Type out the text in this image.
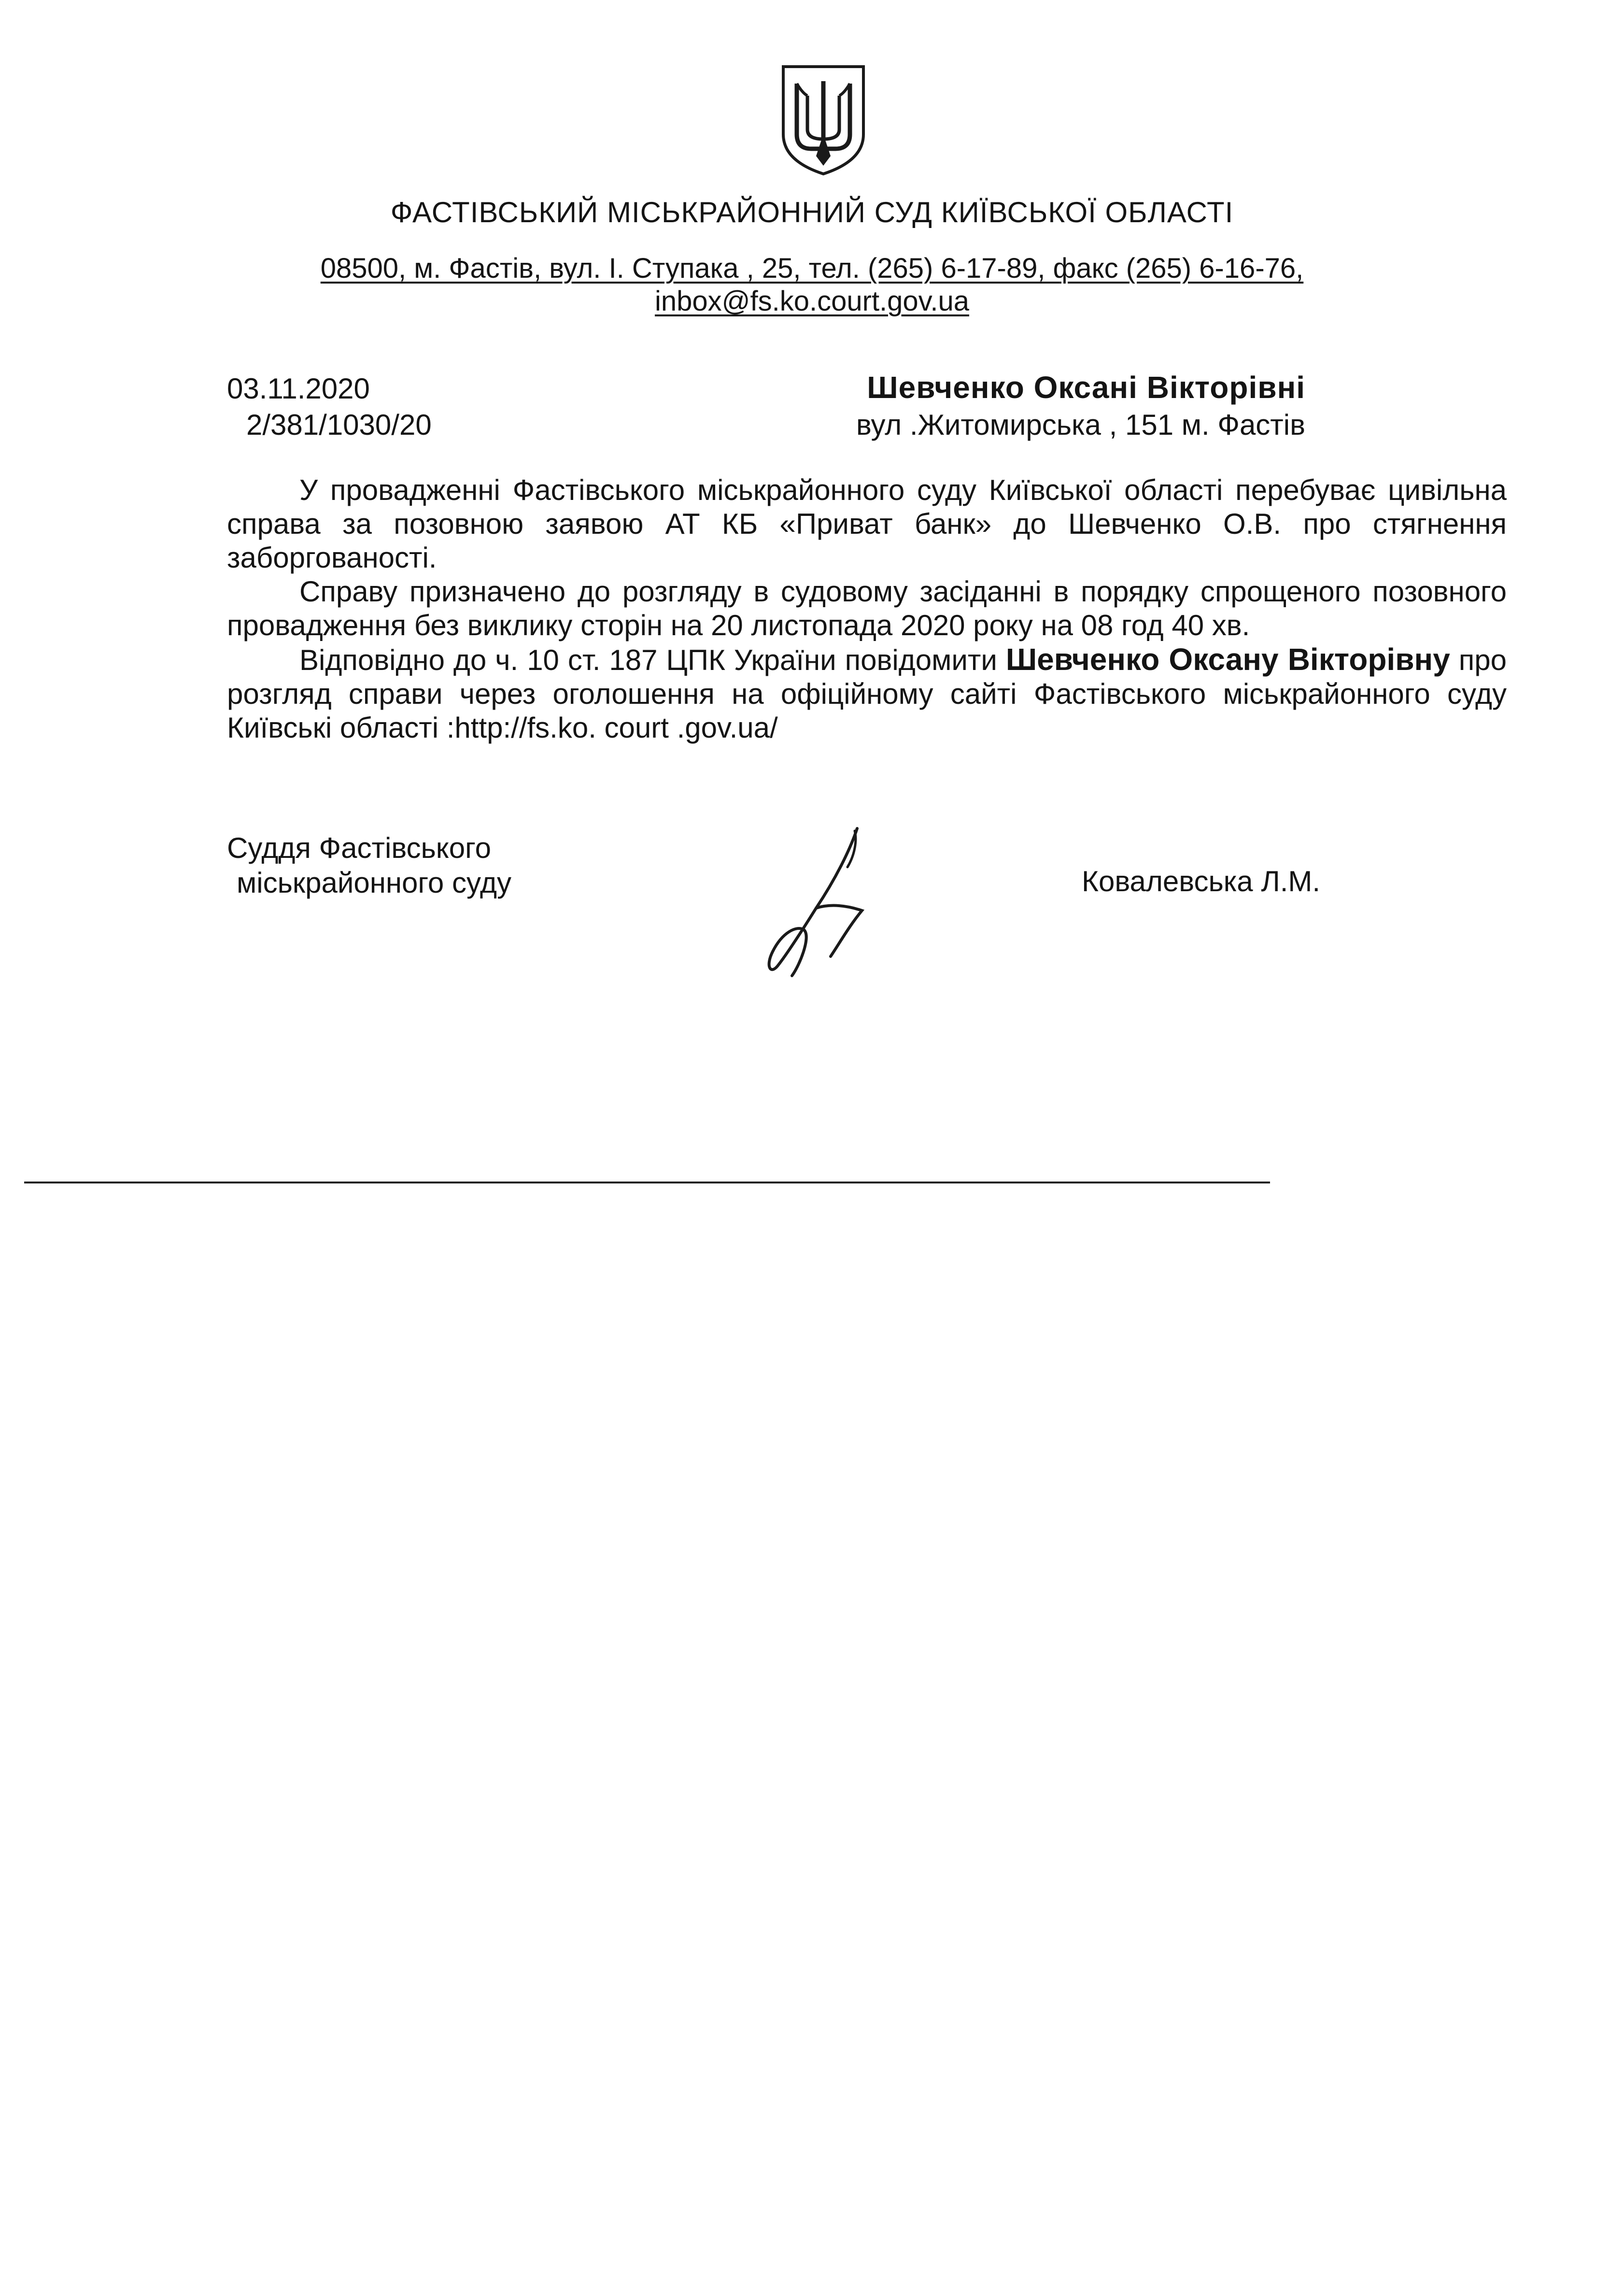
ФАСТІВСЬКИЙ МІСЬКРАЙОННИЙ СУД КИЇВСЬКОЇ ОБЛАСТІ
08500, м. Фастів, вул. І. Ступака , 25, тел. (265) 6-17-89, факс (265) 6-16-76,
inbox@fs.ko.court.gov.ua
03.11.2020
2/381/1030/20
Шевченко Оксані Вікторівні
вул .Житомирська , 151 м. Фастів

У провадженні Фастівського міськрайонного суду Київської області перебуває цивільна справа за позовною заявою АТ КБ «Приват банк» до Шевченко О.В. про стягнення заборгованості.

Справу призначено до розгляду в судовому засіданні в порядку спрощеного позовного провадження без виклику сторін на 20 листопада 2020 року на 08 год 40 хв.

Відповідно до ч. 10 ст. 187 ЦПК України повідомити Шевченко Оксану Вікторівну про розгляд справи через оголошення на офіційному сайті Фастівського міськрайонного суду Київські області :http://fs.ko. court .gov.ua/

Суддя Фастівського
міськрайонного суду	Ковалевська Л.М.
